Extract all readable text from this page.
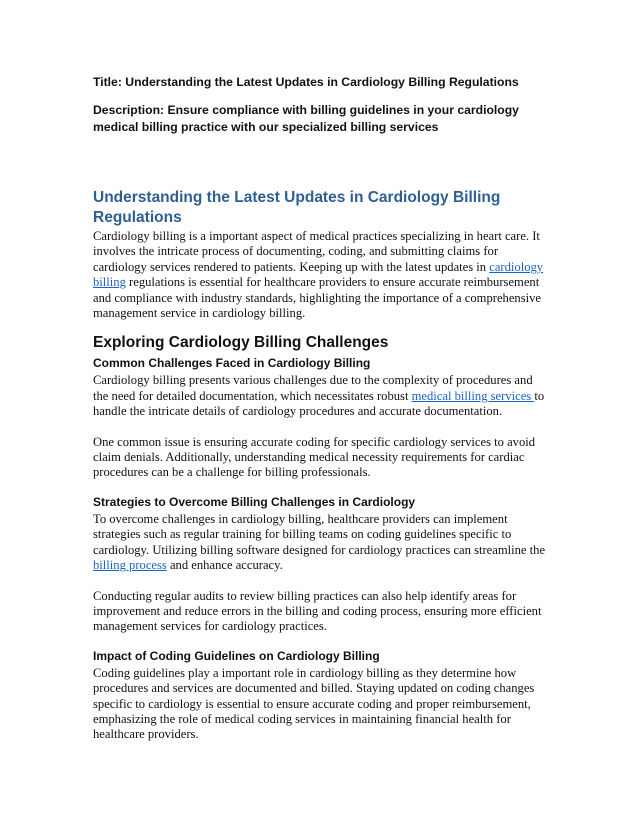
Title: Understanding the Latest Updates in Cardiology Billing Regulations

Description: Ensure compliance with billing guidelines in your cardiology medical billing practice with our specialized billing services

Understanding the Latest Updates in Cardiology Billing Regulations

Cardiology billing is a important aspect of medical practices specializing in heart care. It involves the intricate process of documenting, coding, and submitting claims for cardiology services rendered to patients. Keeping up with the latest updates in cardiology billing regulations is essential for healthcare providers to ensure accurate reimbursement and compliance with industry standards, highlighting the importance of a comprehensive management service in cardiology billing.

Exploring Cardiology Billing Challenges
Common Challenges Faced in Cardiology Billing

Cardiology billing presents various challenges due to the complexity of procedures and the need for detailed documentation, which necessitates robust medical billing services to handle the intricate details of cardiology procedures and accurate documentation.

One common issue is ensuring accurate coding for specific cardiology services to avoid claim denials. Additionally, understanding medical necessity requirements for cardiac procedures can be a challenge for billing professionals.

Strategies to Overcome Billing Challenges in Cardiology

To overcome challenges in cardiology billing, healthcare providers can implement strategies such as regular training for billing teams on coding guidelines specific to cardiology. Utilizing billing software designed for cardiology practices can streamline the billing process and enhance accuracy.

Conducting regular audits to review billing practices can also help identify areas for improvement and reduce errors in the billing and coding process, ensuring more efficient management services for cardiology practices.

Impact of Coding Guidelines on Cardiology Billing

Coding guidelines play a important role in cardiology billing as they determine how procedures and services are documented and billed. Staying updated on coding changes specific to cardiology is essential to ensure accurate coding and proper reimbursement, emphasizing the role of medical coding services in maintaining financial health for healthcare providers.
